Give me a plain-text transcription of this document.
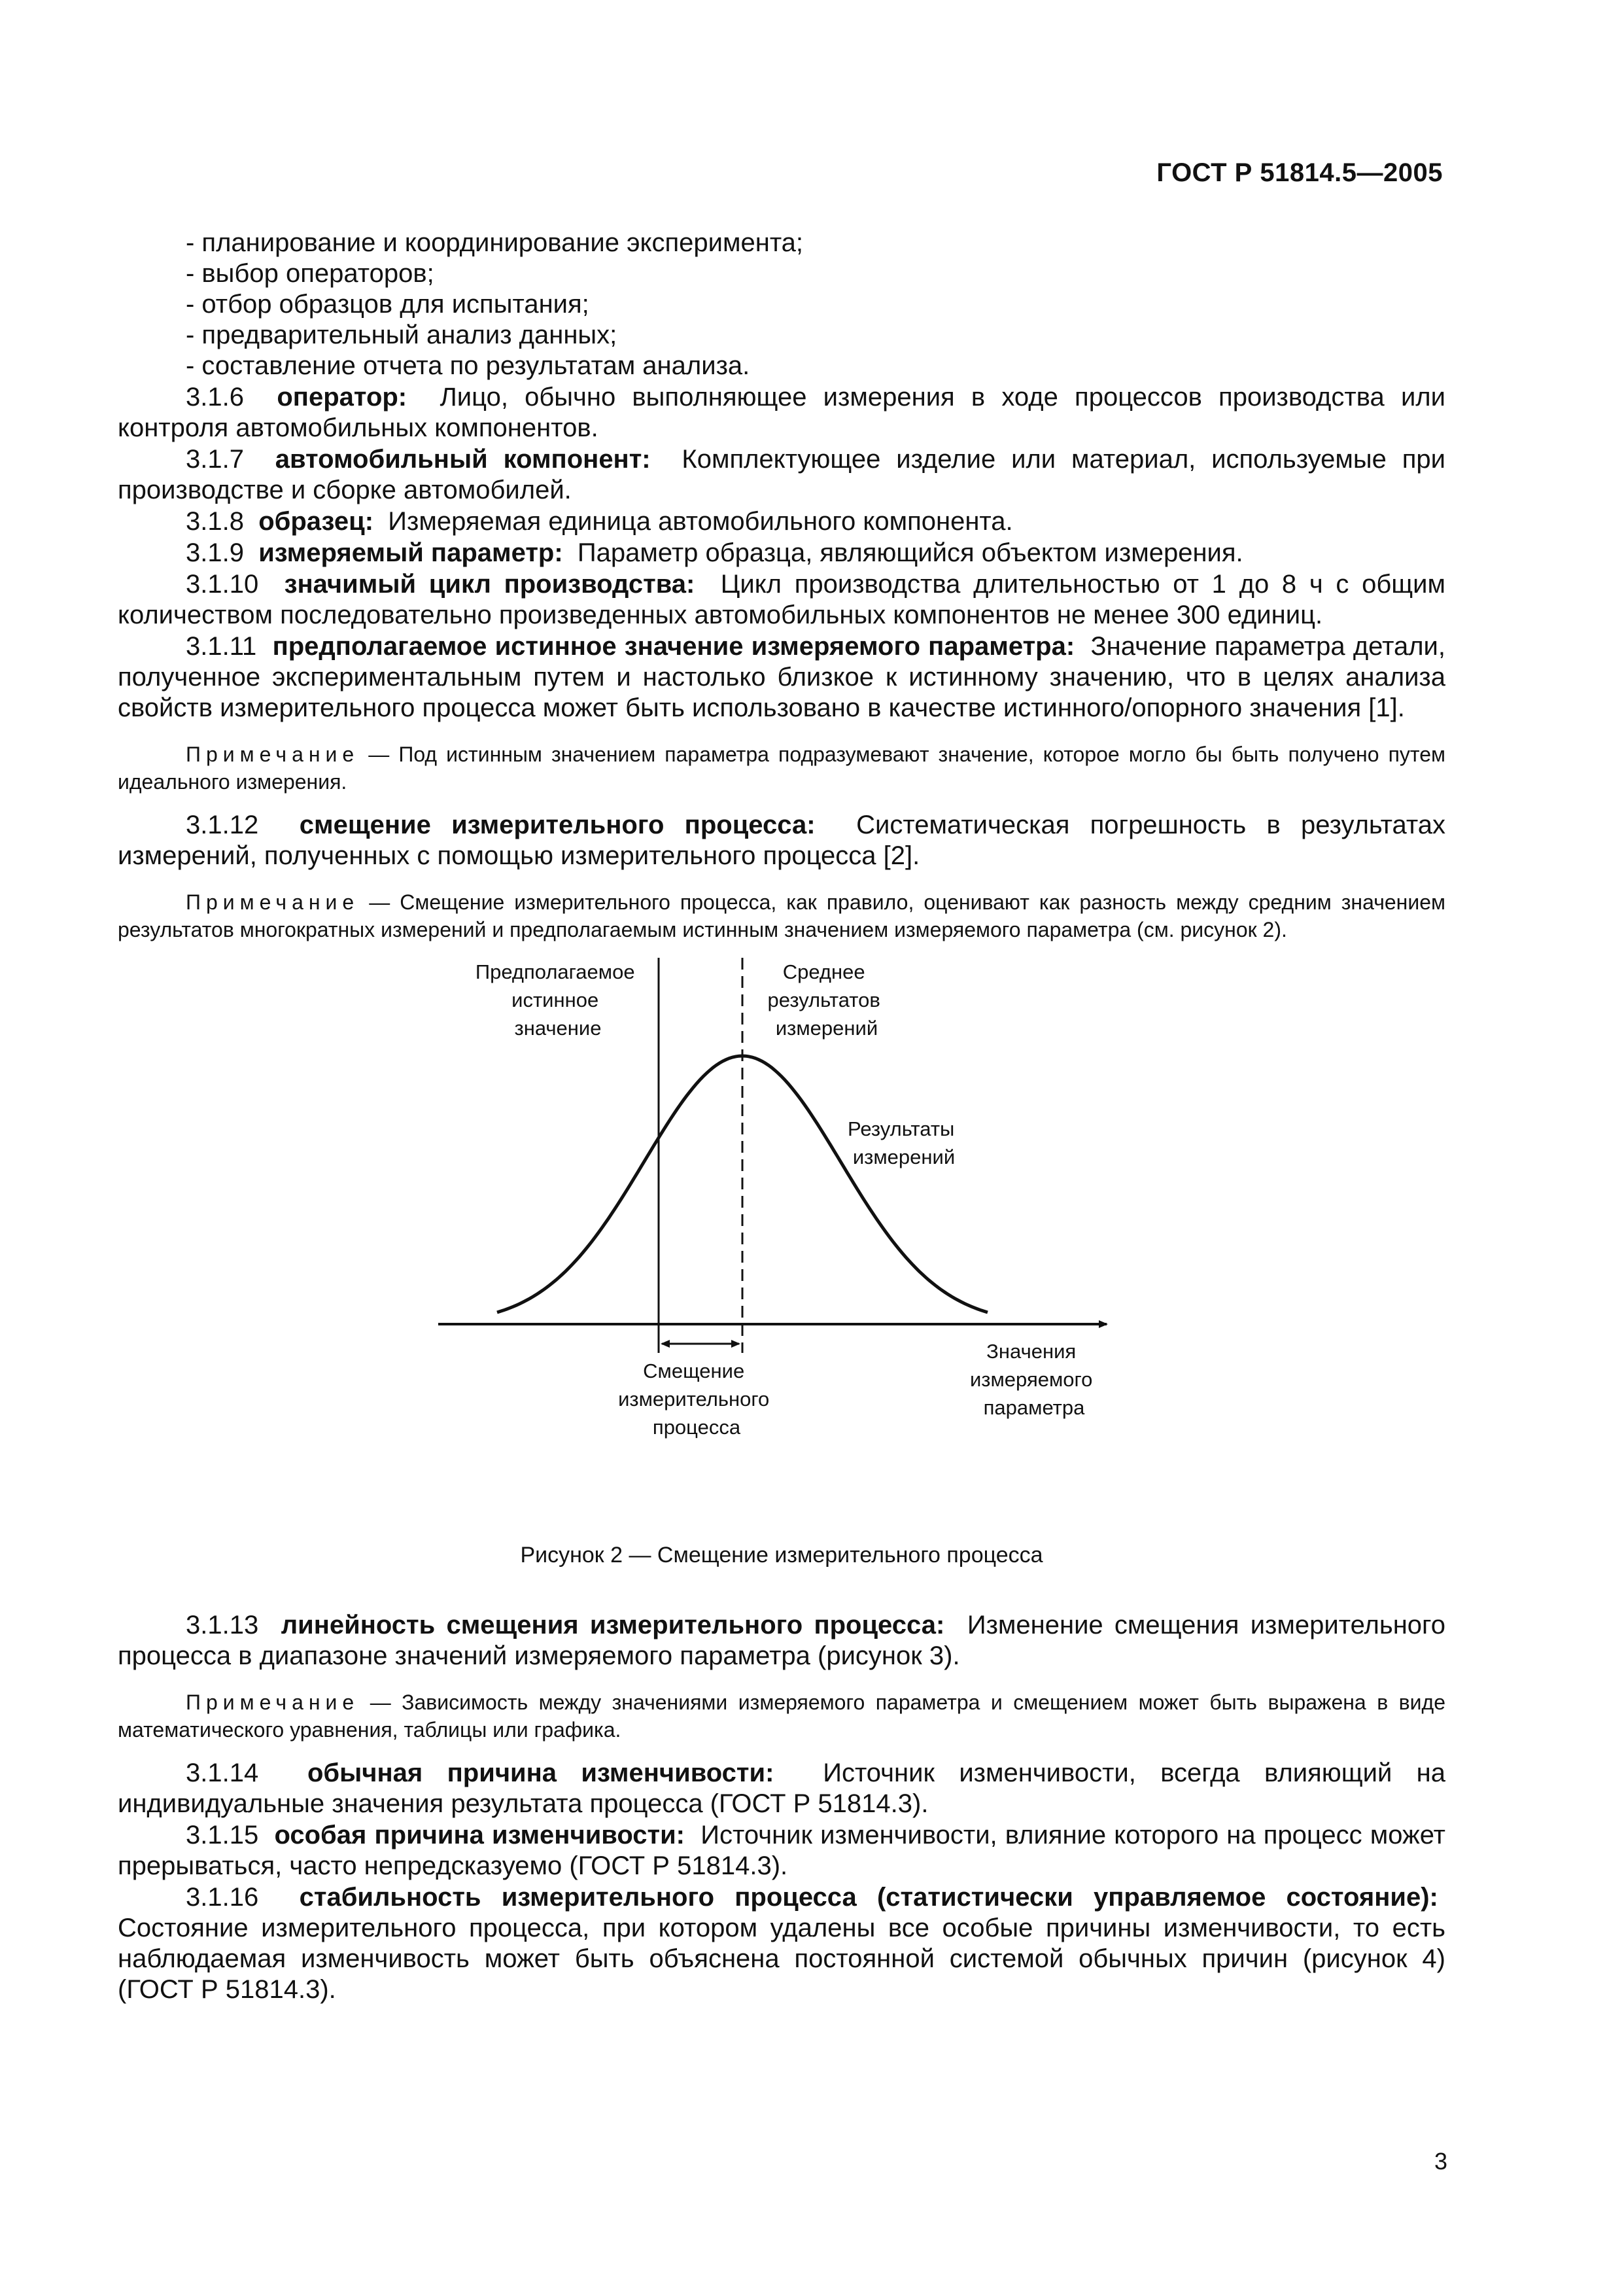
ГОСТ Р 51814.5—2005

- планирование и координирование эксперимента;

- выбор операторов;

- отбор образцов для испытания;

- предварительный анализ данных;

- составление отчета по результатам анализа.

3.1.6 оператор: Лицо, обычно выполняющее измерения в ходе процессов производства или контроля автомобильных компонентов.

3.1.7 автомобильный компонент: Комплектующее изделие или материал, используемые при производстве и сборке автомобилей.

3.1.8 образец: Измеряемая единица автомобильного компонента.

3.1.9 измеряемый параметр: Параметр образца, являющийся объектом измерения.

3.1.10 значимый цикл производства: Цикл производства длительностью от 1 до 8 ч с общим количеством последовательно произведенных автомобильных компонентов не менее 300 единиц.

3.1.11 предполагаемое истинное значение измеряемого параметра: Значение параметра детали, полученное экспериментальным путем и настолько близкое к истинному значению, что в целях анализа свойств измерительного процесса может быть использовано в качестве истинного/опорного значения [1].

Примечание — Под истинным значением параметра подразумевают значение, которое могло бы быть получено путем идеального измерения.

3.1.12 смещение измерительного процесса: Систематическая погрешность в результатах измерений, полученных с помощью измерительного процесса [2].

Примечание — Смещение измерительного процесса, как правило, оценивают как разность между средним значением результатов многократных измерений и предполагаемым истинным значением измеряемого параметра (см. рисунок 2).

Предполагаемое истинное значение
Среднее результатов измерений
Результаты измерений
Смещение измерительного процесса
Значения измеряемого параметра

Рисунок 2 — Смещение измерительного процесса

3.1.13 линейность смещения измерительного процесса: Изменение смещения измерительного процесса в диапазоне значений измеряемого параметра (рисунок 3).

Примечание — Зависимость между значениями измеряемого параметра и смещением может быть выражена в виде математического уравнения, таблицы или графика.

3.1.14 обычная причина изменчивости: Источник изменчивости, всегда влияющий на индивидуальные значения результата процесса (ГОСТ Р 51814.3).

3.1.15 особая причина изменчивости: Источник изменчивости, влияние которого на процесс может прерываться, часто непредсказуемо (ГОСТ Р 51814.3).

3.1.16 стабильность измерительного процесса (статистически управляемое состояние):  Состояние измерительного процесса, при котором удалены все особые причины изменчивости, то есть наблюдаемая изменчивость может быть объяснена постоянной системой обычных причин (рисунок 4) (ГОСТ Р 51814.3).

3
